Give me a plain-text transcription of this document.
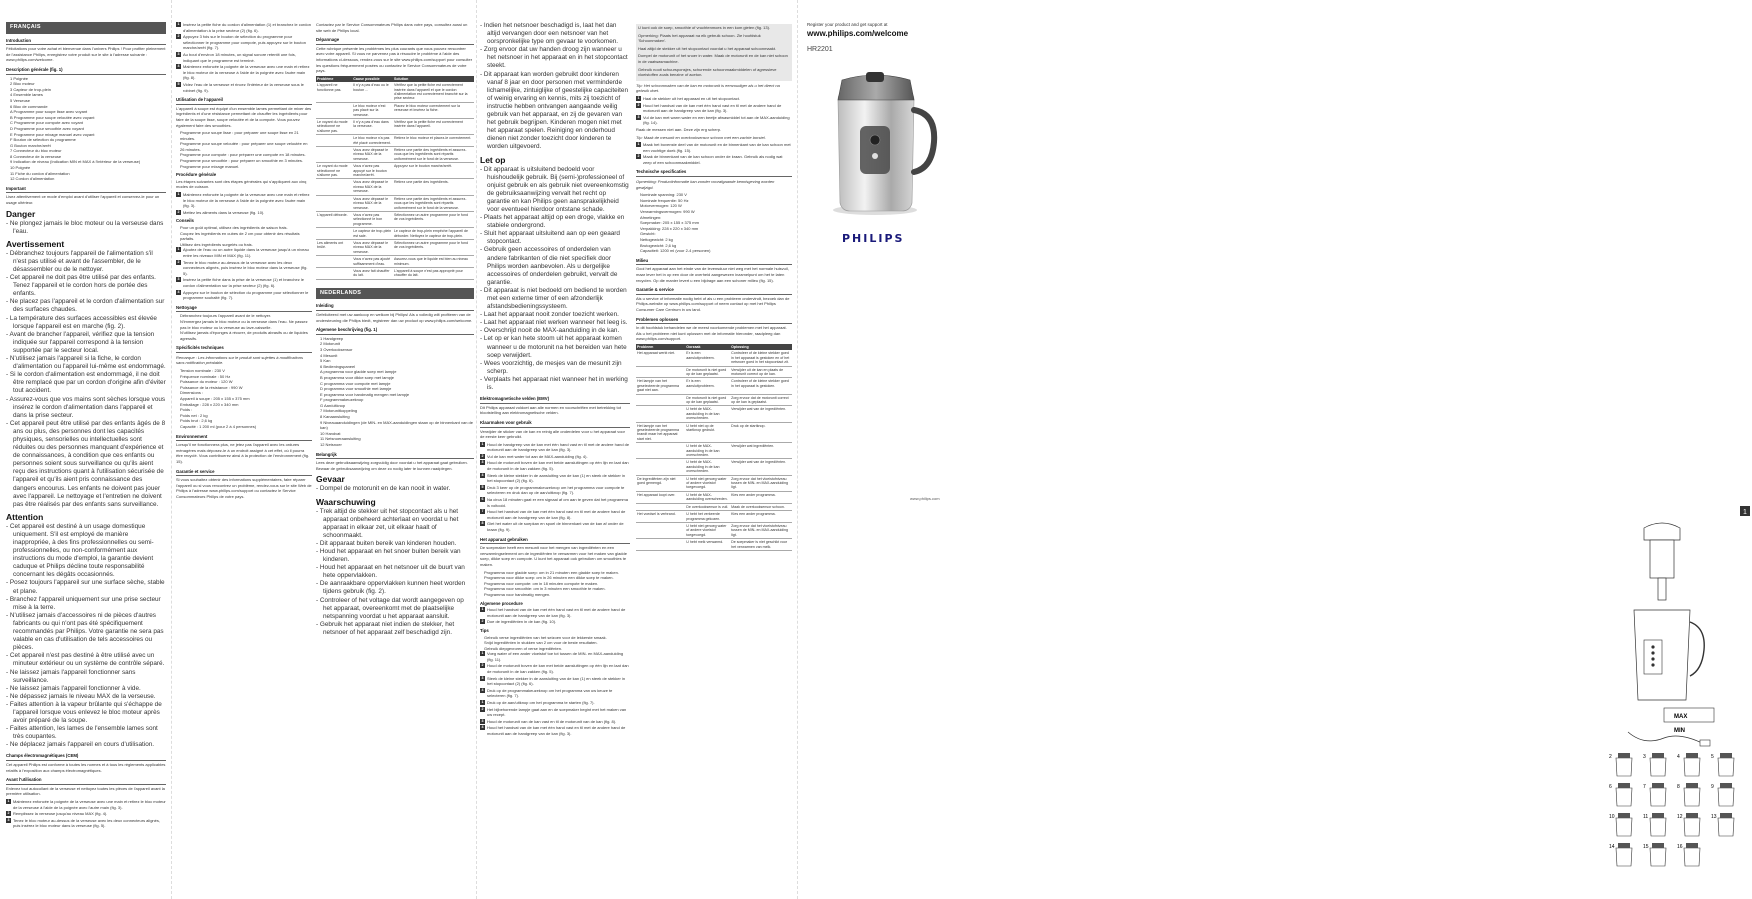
FRANÇAIS
Introduction
Félicitations pour votre achat et bienvenue dans l'univers Philips ! Pour profiter pleinement de l'assistance Philips, enregistrez votre produit sur le site à l'adresse suivante : www.philips.com/welcome.
Description générale (fig. 1)
1 Poignée
2 Bloc moteur
3 Capteur de trop-plein
4 Ensemble lames
5 Verseuse
6 Bloc de commande
A Programme pour soupe lisse avec voyant
B Programme pour soupe veloutée avec voyant
C Programme pour compote avec voyant
D Programme pour smoothie avec voyant
E Programme pour mixage manuel avec voyant
F Bouton de sélection du programme
G Bouton marche/arrêt
7 Connecteur du bloc moteur
8 Connecteur de la verseuse
9 Indication de niveau (Indication MIN et MAX à l'intérieur de la verseuse)
10 Poignée
11 Fiche du cordon d'alimentation
12 Cordon d'alimentation
Important
Lisez attentivement ce mode d'emploi avant d'utiliser l'appareil et conservez-le pour un usage ultérieur.
Danger
- Ne plongez jamais le bloc moteur ou la verseuse dans l'eau.
Avertissement
- Débranchez toujours l'appareil de l'alimentation s'il n'est pas utilisé et avant de l'assembler, de le désassembler ou de le nettoyer.
- Cet appareil ne doit pas être utilisé par des enfants. Tenez l'appareil et le cordon hors de portée des enfants.
- Ne placez pas l'appareil et le cordon d'alimentation sur des surfaces chaudes.
- La température des surfaces accessibles est élevée lorsque l'appareil est en marche (fig. 2).
- Avant de brancher l'appareil, vérifiez que la tension indiquée sur l'appareil correspond à la tension supportée par le secteur local.
- N'utilisez jamais l'appareil si la fiche, le cordon d'alimentation ou l'appareil lui-même est endommagé.
- Si le cordon d'alimentation est endommagé, il ne doit être remplacé que par un cordon d'origine afin d'éviter tout accident.
- Assurez-vous que vos mains sont sèches lorsque vous insérez le cordon d'alimentation dans l'appareil et dans la prise secteur.
- Cet appareil peut être utilisé par des enfants âgés de 8 ans ou plus, des personnes dont les capacités physiques, sensorielles ou intellectuelles sont réduites ou des personnes manquant d'expérience et de connaissances, à condition que ces enfants ou personnes soient sous surveillance ou qu'ils aient reçu des instructions quant à l'utilisation sécurisée de l'appareil et qu'ils aient pris connaissance des dangers encourus. Les enfants ne doivent pas jouer avec l'appareil. Le nettoyage et l'entretien ne doivent pas être réalisés par des enfants sans surveillance.
Attention
- Cet appareil est destiné à un usage domestique uniquement. S'il est employé de manière inappropriée, à des fins professionnelles ou semi-professionnelles, ou non-conformément aux instructions du mode d'emploi, la garantie devient caduque et Philips décline toute responsabilité concernant les dégâts occasionnés.
- Posez toujours l'appareil sur une surface sèche, stable et plane.
- Branchez l'appareil uniquement sur une prise secteur mise à la terre.
- N'utilisez jamais d'accessoires ni de pièces d'autres fabricants ou qui n'ont pas été spécifiquement recommandés par Philips. Votre garantie ne sera pas valable en cas d'utilisation de tels accessoires ou pièces.
- Cet appareil n'est pas destiné à être utilisé avec un minuteur extérieur ou un système de contrôle séparé.
- Ne laissez jamais l'appareil fonctionner sans surveillance.
- Ne laissez jamais l'appareil fonctionner à vide.
- Ne dépassez jamais le niveau MAX de la verseuse.
- Faites attention à la vapeur brûlante qui s'échappe de l'appareil lorsque vous enlevez le bloc moteur après avoir préparé de la soupe.
- Faites attention, les lames de l'ensemble lames sont très coupantes.
- Ne déplacez jamais l'appareil en cours d'utilisation.
Champs électromagnétiques (CEM)
Cet appareil Philips est conforme à toutes les normes et à tous les règlements applicables relatifs à l'exposition aux champs électromagnétiques.
Avant l'utilisation
Enlevez tout autocollant de la verseuse et nettoyez toutes les pièces de l'appareil avant la première utilisation.
1 Maintenez enfoncée la poignée de la verseuse avec une main et retirez le bloc moteur de la verseuse à l'aide de la poignée avec l'autre main (fig. 3).
2 Remplissez la verseuse jusqu'au niveau MAX (fig. 4).
3 Tenez le bloc moteur au-dessus de la verseuse avec les deux connecteurs alignés, puis insérez le bloc moteur dans la verseuse (fig. 5).
1 Insérez la petite fiche du cordon d'alimentation (1) et branchez le cordon d'alimentation à la prise secteur (2) (fig. 6).
2 Appuyez 3 fois sur le bouton de sélection du programme pour sélectionner le programme pour compote, puis appuyez sur le bouton marche/arrêt (fig. 7).
3 Au bout d'environ 18 minutes, un signal sonore retentit une fois, indiquant que le programme est terminé.
4 Maintenez enfoncée la poignée de la verseuse avec une main et retirez le bloc moteur de la verseuse à l'aide de la poignée avec l'autre main (fig. 8).
5 Videz l'eau de la verseuse et rincez l'intérieur de la verseuse sous le robinet (fig. 9).
Utilisation de l'appareil
L'appareil à soupe est équipé d'un ensemble lames permettant de mixer des ingrédients et d'une résistance permettant de chauffer les ingrédients pour faire de la soupe lisse, soupe veloutée et de la compote. Vous pouvez également faire des smoothies.
Programme pour soupe lisse : pour préparer une soupe lisse en 21 minutes.
Programme pour soupe veloutée : pour préparer une soupe veloutée en 26 minutes.
Programme pour compote : pour préparer une compote en 18 minutes.
Programme pour smoothie : pour préparer un smoothie en 3 minutes.
Programme pour mixage manuel.
Procédure générale
Les étapes suivantes sont des étapes générales qui s'appliquent aux cinq modes de cuisson.
1 Maintenez enfoncée la poignée de la verseuse avec une main et retirez le bloc moteur de la verseuse à l'aide de la poignée avec l'autre main (fig. 3).
2 Mettez les aliments dans la verseuse (fig. 10).
Conseils
Pour un goût optimal, utilisez des ingrédients de saison frais.
Coupez les ingrédients en cubes de 2 cm pour obtenir des résultats parfaits.
Utilisez des ingrédients surgelés ou frais.
1 Ajoutez de l'eau ou un autre liquide dans la verseuse jusqu'à un niveau entre les niveaux MIN et MAX (fig. 11).
2 Tenez le bloc moteur au-dessus de la verseuse avec les deux connecteurs alignés, puis insérez le bloc moteur dans la verseuse (fig. 5).
3 Insérez la petite fiche dans la prise de la verseuse (1) et branchez le cordon d'alimentation sur la prise secteur (2) (fig. 6).
4 Appuyez sur le bouton de sélection du programme pour sélectionner le programme souhaité (fig. 7).
Nettoyage
Débranchez toujours l'appareil avant de le nettoyer.
N'immergez jamais le bloc moteur ou la verseuse dans l'eau. Ne passez pas le bloc moteur ou la verseuse au lave-vaisselle.
N'utilisez jamais d'éponges à récurer, de produits abrasifs ou de liquides agressifs.
Spécificités techniques
Remarque : Les informations sur le produit sont sujettes à modifications sans notification préalable.
Tension nominale : 230 V
Fréquence nominale : 50 Hz
Puissance du moteur : 120 W
Puissance de la résistance : 990 W
Dimensions :
Appareil à soupe : 205 x 155 x 375 mm
Emballage : 228 x 220 x 340 mm
Poids :
Poids net : 2 kg
Poids brut : 2,6 kg
Capacité : 1 200 ml (pour 2 à 4 personnes)
Environnement
Lorsqu'il ne fonctionnera plus, ne jetez pas l'appareil avec les ordures ménagères mais déposez-le à un endroit assigné à cet effet, où il pourra être recyclé. Vous contribuerez ainsi à la protection de l'environnement (fig. 15).
Garantie et service
Si vous souhaitez obtenir des informations supplémentaires, faire réparer l'appareil ou si vous rencontrez un problème, rendez-vous sur le site Web de Philips à l'adresse www.philips.com/support ou contactez le Service Consommateurs Philips de votre pays.
Contactez par le Service Consommateurs Philips dans votre pays, consultez aussi un site web de Philips local.
Dépannage
Cette rubrique présente les problèmes les plus courants que vous pouvez rencontrer avec votre appareil. Si vous ne parvenez pas à résoudre le problème à l'aide des informations ci-dessous, rendez-vous sur le site www.philips.com/support pour consulter les questions fréquemment posées ou contactez le Service Consommateurs de votre pays.
Problème	Cause possible	Solution
L'appareil ne fonctionne pas.	Il n'y a pas d'eau ou le bouton ...	Vérifiez que la petite fiche est correctement insérée dans l'appareil et que le cordon d'alimentation est correctement branché sur la prise secteur.
	Le bloc moteur n'est pas placé sur la verseuse.	Placez le bloc moteur correctement sur la verseuse et insérez la fiche.
Le voyant du mode sélectionné ne s'allume pas.	Il n'y a pas d'eau dans la verseuse.	Vérifiez que la petite fiche est correctement insérée dans l'appareil.
	Le bloc moteur n'a pas été placé correctement.	Retirez le bloc moteur et placez-le correctement.
	Vous avez dépassé le niveau MAX de la verseuse.	Retirez une partie des ingrédients et assurez-vous que les ingrédients sont répartis uniformément sur le fond de la verseuse.
Le voyant du mode sélectionné ne s'allume pas.	Vous n'avez pas appuyé sur le bouton marche/arrêt.	Appuyez sur le bouton marche/arrêt.
	Vous avez dépassé le niveau MAX de la verseuse.	Retirez une partie des ingrédients.
	Vous avez dépassé le niveau MAX de la verseuse.	Retirez une partie des ingrédients et assurez-vous que les ingrédients sont répartis uniformément sur le fond de la verseuse.
L'appareil déborde.	Vous n'avez pas sélectionné le bon programme.	Sélectionnez un autre programme pour le fond de vos ingrédients.
	Le capteur de trop-plein est sale.	Le capteur de trop-plein empêche l'appareil de déborder. Nettoyez le capteur de trop-plein.
Les aliments ont brûlé.	Vous avez dépassé le niveau MAX de la verseuse.	Sélectionnez un autre programme pour le fond de vos ingrédients.
	Vous n'avez pas ajouté suffisamment d'eau.	Assurez-vous que le liquide est bien au niveau minimum.
	Vous avez fait chauffer du lait.	L'appareil à soupe n'est pas approprié pour chauffer du lait.
NEDERLANDS
Inleiding
Gefeliciteerd met uw aankoop en welkom bij Philips! Als u volledig wilt profiteren van de ondersteuning die Philips biedt, registreer dan uw product op www.philips.com/welcome.
Algemene beschrijving (fig. 1)
1 Handgreep
2 Motorunit
3 Overkooksensor
4 Mesunit
5 Kan
6 Bedieningspaneel
A programma voor gladde soep met lampje
B programma voor dikke soep met lampje
C programma voor compote met lampje
D programma voor smoothie met lampje
E programma voor handmatig mengen met lampje
F programmakeuzeknop
G Aan/uitknop
7 Motorunitkoppeling
8 Kanaansluiting
9 Niveauaanduidingen (de MIN- en MAX-aanduidingen staan op de binnenkant van de kan)
10 Handvat
11 Netsnoeraansluiting
12 Netsnoer
Belangrijk
Lees deze gebruiksaanwijzing zorgvuldig door voordat u het apparaat gaat gebruiken. Bewaar de gebruiksaanwijzing om deze zo nodig later te kunnen raadplegen.
Gevaar
- Dompel de motorunit en de kan nooit in water.
Waarschuwing
- Trek altijd de stekker uit het stopcontact als u het apparaat onbeheerd achterlaat en voordat u het apparaat in elkaar zet, uit elkaar haalt of schoonmaakt.
- Dit apparaat buiten bereik van kinderen houden.
- Houd het apparaat en het snoer buiten bereik van kinderen.
- Houd het apparaat en het netsnoer uit de buurt van hete oppervlakken.
- De aanraakbare oppervlakken kunnen heet worden tijdens gebruik (fig. 2).
- Controleer of het voltage dat wordt aangegeven op het apparaat, overeenkomt met de plaatselijke netspanning voordat u het apparaat aansluit.
- Gebruik het apparaat niet indien de stekker, het netsnoer of het apparaat zelf beschadigd zijn.
- Indien het netsnoer beschadigd is, laat het dan altijd vervangen door een netsnoer van het oorspronkelijke type om gevaar te voorkomen.
- Zorg ervoor dat uw handen droog zijn wanneer u het netsnoer in het apparaat en in het stopcontact steekt.
- Dit apparaat kan worden gebruikt door kinderen vanaf 8 jaar en door personen met verminderde lichamelijke, zintuiglijke of geestelijke capaciteiten of weinig ervaring en kennis, mits zij toezicht of instructie hebben ontvangen aangaande veilig gebruik van het apparaat, en zij de gevaren van het gebruik begrijpen. Kinderen mogen niet met het apparaat spelen. Reiniging en onderhoud dienen niet zonder toezicht door kinderen te worden uitgevoerd.
Let op
- Dit apparaat is uitsluitend bedoeld voor huishoudelijk gebruik. Bij (semi-)professioneel of onjuist gebruik en als gebruik niet overeenkomstig de gebruiksaanwijzing vervalt het recht op garantie en kan Philips geen aansprakelijkheid voor eventueel hierdoor ontstane schade.
- Plaats het apparaat altijd op een droge, vlakke en stabiele ondergrond.
- Sluit het apparaat uitsluitend aan op een geaard stopcontact.
- Gebruik geen accessoires of onderdelen van andere fabrikanten of die niet specifiek door Philips worden aanbevolen. Als u dergelijke accessoires of onderdelen gebruikt, vervalt de garantie.
- Dit apparaat is niet bedoeld om bediend te worden met een externe timer of een afzonderlijk afstandsbedieningssysteem.
- Laat het apparaat nooit zonder toezicht werken.
- Laat het apparaat niet werken wanneer het leeg is.
- Overschrijd nooit de MAX-aanduiding in de kan.
- Let op er kan hete stoom uit het apparaat komen wanneer u de motorunit na het bereiden van hete soep verwijdert.
- Wees voorzichtig, de mesjes van de mesunit zijn scherp.
- Verplaats het apparaat niet wanneer het in werking is.
Elektromagnetische velden (EMV)
Dit Philips apparaat voldoet aan alle normen en voorschriften met betrekking tot blootstelling aan elektromagnetische velden.
Klaarmaken voor gebruik
Verwijder de sticker van de kan en reinig alle onderdelen voor u het apparaat voor de eerste keer gebruikt.
1 Houd de handgreep van de kan met één hand vast en til met de andere hand de motorunit aan de handgreep van de kan (fig. 3).
2 Vul de kan met water tot aan de MAX-aanduiding (fig. 4).
3 Houd de motorunit boven de kan met beide aansluitingen op één lijn en laat dan de motorunit in de kan zakken (fig. 5).
4 Steek de kleine stekker in de aansluiting van de kan (1) en steek de stekker in het stopcontact (2) (fig. 6).
5 Druk 3 keer op de programmakeuzeknop om het programma voor compote te selecteren en druk dan op de aan/uitknop (fig. 7).
6 Na circa 18 minuten gaat er een signaal af om aan te geven dat het programma is voltooid.
7 Houd het handvat van de kan met één hand vast en til met de andere hand de motorunit aan de handgreep van de kan (fig. 8).
8 Giet het water uit de soepkan en spoel de binnenkant van de kan af onder de kraan (fig. 9).
Het apparaat gebruiken
De soepmaker heeft een mesunit voor het mengen van ingrediënten en een verwarmingselement om de ingrediënten te verwarmen voor het maken van gladde soep, dikke soep en compote. U kunt het apparaat ook gebruiken om smoothies te maken.
Programma voor gladde soep: om in 21 minuten een gladde soep te maken.
Programma voor dikke soep: om in 26 minuten een dikke soep te maken.
Programma voor compote: om in 18 minuten compote te maken.
Programma voor smoothie: om in 3 minuten een smoothie te maken.
Programma voor handmatig mengen.
Algemene procedure
1 Houd het handvat van de kan met één hand vast en til met de andere hand de motorunit aan de handgreep van de kan (fig. 3).
2 Doe de ingrediënten in de kan (fig. 10).
Tips
Gebruik verse ingrediënten van het seizoen voor de lekkerste smaak.
Snijd ingrediënten in stukken van 2 cm voor de beste resultaten.
Gebruik diepgevroren of verse ingrediënten.
1 Voeg water of een ander vloeistof toe tot tussen de MIN- en MAX-aanduiding (fig. 11).
2 Houd de motorunit boven de kan met beide aansluitingen op één lijn en laat dan de motorunit in de kan zakken (fig. 5).
3 Steek de kleine stekker in de aansluiting van de kan (1) en steek de stekker in het stopcontact (2) (fig. 6).
4 Druk op de programmakeuzeknop om het programma van uw keuze te selecteren (fig. 7).
1 Druk op de aan/uitknop om het programma te starten (fig. 7).
2 Het bijbehorende lampje gaat aan en de soepmaker begint met het maken van uw recept.
3 Houd de motorunit van de kan vast en til de motorunit van de kan (fig. 8).
4 Houd het handvat van de kan met één hand vast en til met de andere hand de motorunit aan de handgreep van de kan (fig. 3).
U kunt ook de soep, smoothie of vruchtenmoes in een kom gieten (fig. 13).
Opmerking: Plaats het apparaat na elk gebruik schoon. Zie hoofdstuk 'Schoonmaken'.
Haal altijd de stekker uit het stopcontact voordat u het apparaat schoonmaakt.
Dompel de motorunit of het snoer in water. Maak de motorunit en de kan niet schoon in de vaatwasmachine.
Gebruik nooit schuursponsjes, schurende schoonmaakmiddelen of agressieve vloeistoffen zoals benzine of aceton.
Tip: Het schoonmaken van de kan en motorunit is eenvoudiger als u het direct na gebruik doet.
1 Haal de stekker uit het apparaat en uit het stopcontact.
2 Houd het handvat van de kan met één hand vast en til met de andere hand de motorunit aan de handgreep van de kan (fig. 3).
3 Vul de kan met warm water en een beetje afwasmiddel tot aan de MAX-aanduiding (fig. 14).
Raak de messen niet aan. Deze zijn erg scherp.
Tip: Maak de mesunit en overkooksensor schoon met een zachte borstel.
1 Maak het bovenste deel van de motorunit en de binnenkant van de kan schoon met een vochtige doek (fig. 15).
2 Maak de binnenkant van de kan schoon onder de kraan. Gebruik als nodig wat zeep of een schoonmaakmiddel.
Technische specificaties
Opmerking: Productinformatie kan zonder voorafgaande kennisgeving worden gewijzigd.
Nominale spanning: 230 V
Nominale frequentie: 50 Hz
Motorvermogen: 120 W
Verwarmingsvermogen: 990 W
Afmetingen:
Soepmaker: 205 x 155 x 375 mm
Verpakking: 228 x 220 x 340 mm
Gewicht:
Nettogewicht: 2 kg
Brutogewicht: 2,6 kg
Capaciteit: 1200 ml (voor 2-4 personen)
Milieu
Gooi het apparaat aan het einde van de levensduur niet weg met het normale huisvuil, maar lever het in op een door de overheid aangewezen inzamelpunt om het te laten recyclen. Op die manier levert u een bijdrage aan een schoner milieu (fig. 15).
Garantie & service
Als u service of informatie nodig hebt of als u een probleem ondervindt, bezoek dan de Philips-website op www.philips.com/support of neem contact op met het Philips Consumer Care Centrum in uw land.
Problemen oplossen
In dit hoofdstuk behandelen we de meest voorkomende problemen met het apparaat. Als u het probleem niet kunt oplossen met de informatie hieronder, raadpleeg dan www.philips.com/support.
Probleem	Oorzaak	Oplossing
Het apparaat werkt niet.	Er is een aansluitprobleem.	Controleer of de kleine stekker goed in het apparaat is gestoken en of het netsnoer goed in het stopcontact zit.
	De motorunit is niet goed op de kan geplaatst.	Verwijder uit de kan en plaats de motorunit correct op de kan.
Het lampje van het geselecteerde programma gaat niet aan.	Er is een aansluitprobleem.	Controleer of de kleine stekker goed in het apparaat is gestoken.
	De motorunit is niet goed op de kan geplaatst.	Zorg ervoor dat de motorunit correct op de kan is geplaatst.
	U hebt de MAX-aanduiding in de kan overschreden.	Verwijder wat van de ingrediënten.
Het lampje van het geselecteerde programma brandt maar het apparaat start niet.	U hebt niet op de startknop gedrukt.	Druk op de startknop.
	U hebt de MAX-aanduiding in de kan overschreden.	Verwijder wat ingrediënten.
	U hebt de MAX-aanduiding in de kan overschreden.	Verwijder wat van de ingrediënten.
De ingrediënten zijn niet goed gemengd.	U hebt niet genoeg water of andere vloeistof toegevoegd.	Zorg ervoor dat het vloeistofniveau tussen de MIN- en MAX-aanduiding ligt.
Het apparaat loopt over.	U hebt de MAX-aanduiding overschreden.	Kies een ander programma.
	De overkooksensor is vuil.	Maak de overkooksensor schoon.
Het voedsel is verbrand.	U hebt het verkeerde programma gekozen.	Kies een ander programma.
	U hebt niet genoeg water of andere vloeistof toegevoegd.	Zorg ervoor dat het vloeistofniveau tussen de MIN- en MAX-aanduiding ligt.
	U hebt melk verwarmd.	De soepmaker is niet geschikt voor het verwarmen van melk.
Register your product and get support at
www.philips.com/welcome
HR2201
PHILIPS
www.philips.com
MAX
MIN
1
2	3	4	5
6	7	8	9
10	11	12	13
14	15	16
